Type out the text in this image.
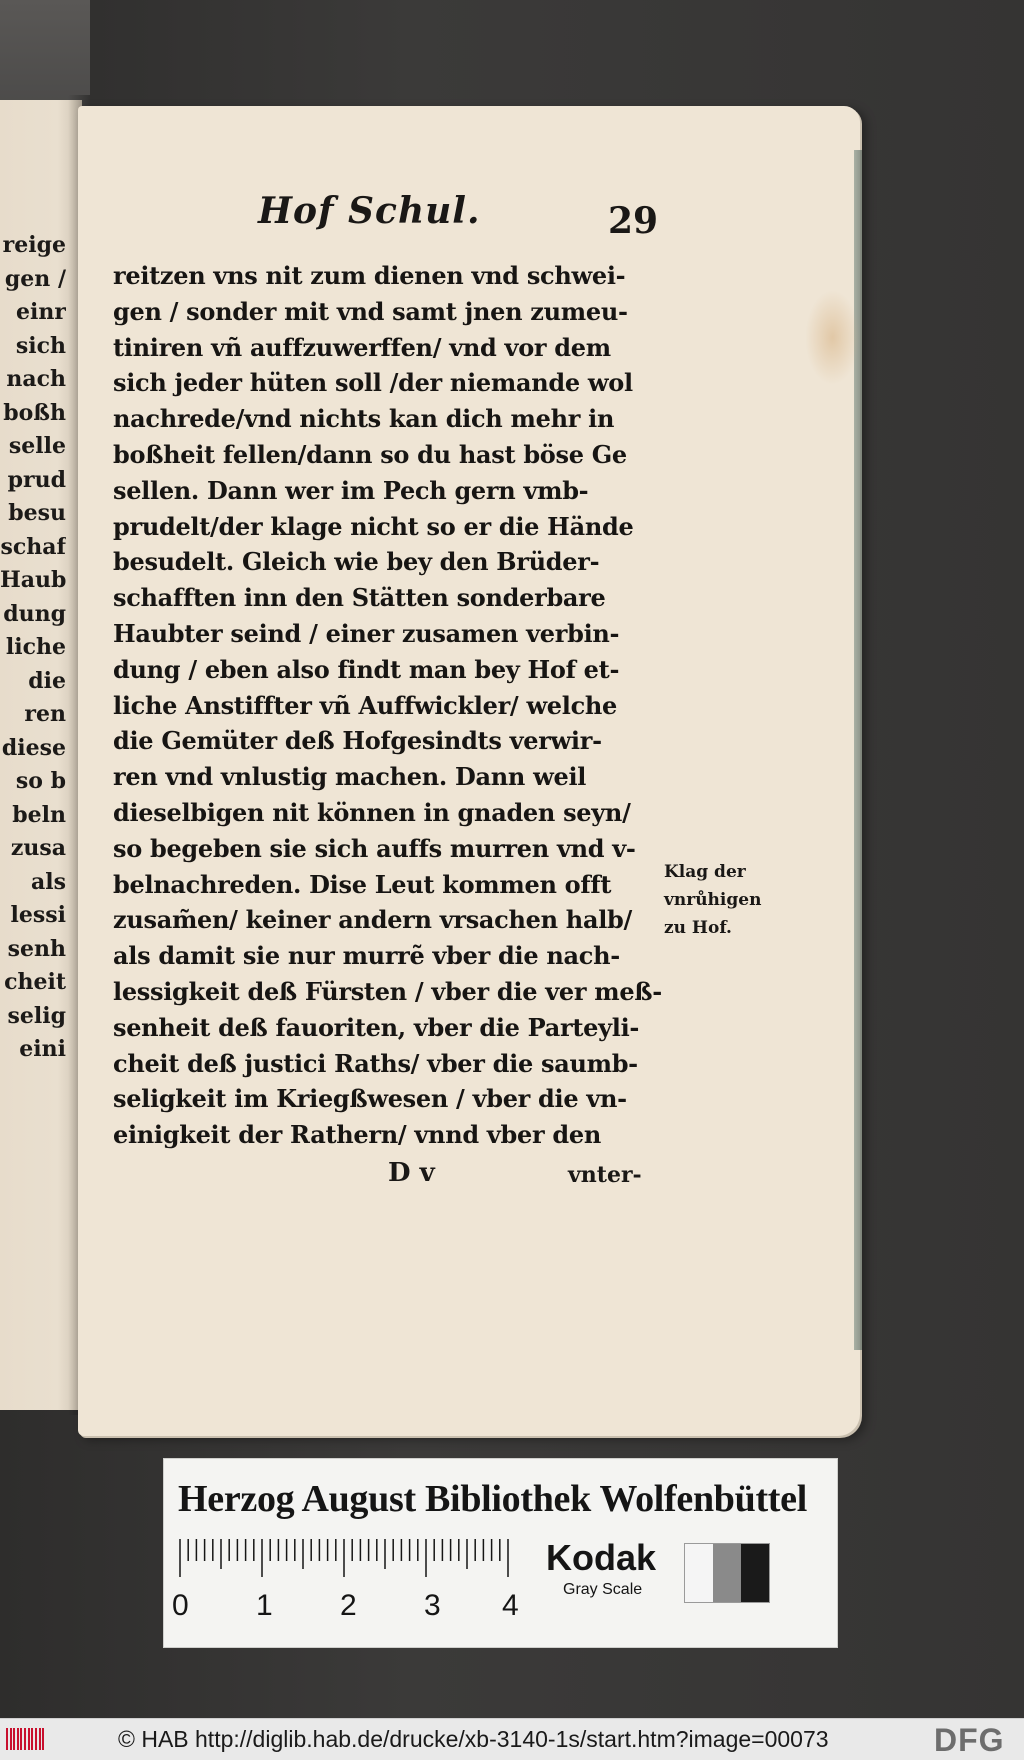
reige
gen /
einr
sich
nach
boßh
selle
prud
besu
schaf
Haub
dung
liche
die
ren
diese
so b
beln
zusa
als
lessi
senh
cheit
selig
eini
Hof Schul.	29
reitzen vns nit zum dienen vnd schwei-
gen / sonder mit vnd samt jnen zumeu-
tiniren vñ auffzuwerffen/ vnd vor dem
sich jeder hüten soll /der niemande wol
nachrede/vnd nichts kan dich mehr in
boßheit fellen/dann so du hast böse Ge
sellen. Dann wer im Pech gern vmb-
prudelt/der klage nicht so er die Hände
besudelt. Gleich wie bey den Brüder-
schafften inn den Stätten sonderbare
Haubter seind / einer zusamen verbin-
dung / eben also findt man bey Hof et-
liche Anstiffter vñ Auffwickler/ welche
die Gemüter deß Hofgesindts verwir-
ren vnd vnlustig machen. Dann weil
dieselbigen nit können in gnaden seyn/
so begeben sie sich auffs murren vnd v-
belnachreden. Dise Leut kommen offt
zusam̃en/ keiner andern vrsachen halb/
als damit sie nur murrẽ vber die nach-
lessigkeit deß Fürsten / vber die ver meß-
senheit deß fauoriten, vber die Parteyli-
cheit deß justici Raths/ vber die saumb-
seligkeit im Kriegßwesen / vber die vn-
einigkeit der Rathern/ vnnd vber den
Klag der
vnrůhigen
zu Hof.
D v	vnter-
Herzog August Bibliothek Wolfenbüttel
0 1 2 3 4
Kodak
Gray Scale
© HAB http://diglib.hab.de/drucke/xb-3140-1s/start.htm?image=00073	DFG
